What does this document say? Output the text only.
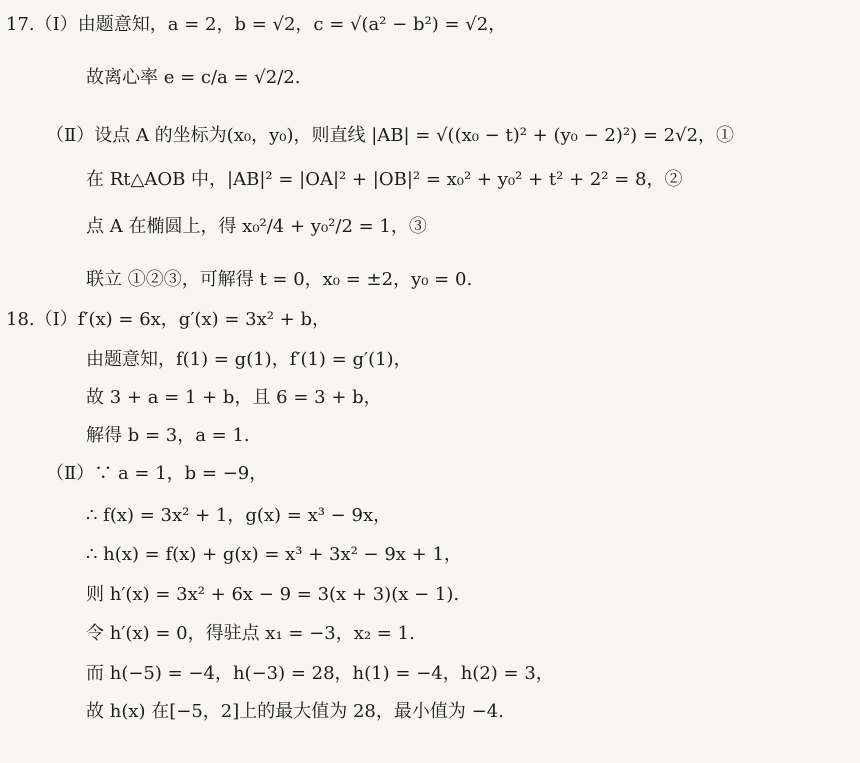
17.（Ⅰ）由题意知，a = 2，b = √2，c = √(a² − b²) = √2，
故离心率 e = c/a = √2/2.
（Ⅱ）设点 A 的坐标为(x₀，y₀)，则直线 |AB| = √((x₀ − t)² + (y₀ − 2)²) = 2√2，①
在 Rt△AOB 中，|AB|² = |OA|² + |OB|² = x₀² + y₀² + t² + 2² = 8，②
点 A 在椭圆上，得 x₀²/4 + y₀²/2 = 1，③
联立 ①②③，可解得 t = 0，x₀ = ±2，y₀ = 0.
18.（Ⅰ）f′(x) = 6x，g′(x) = 3x² + b，
由题意知，f(1) = g(1)，f′(1) = g′(1)，
故 3 + a = 1 + b，且 6 = 3 + b，
解得 b = 3，a = 1.
（Ⅱ）∵ a = 1，b = −9，
∴ f(x) = 3x² + 1，g(x) = x³ − 9x，
∴ h(x) = f(x) + g(x) = x³ + 3x² − 9x + 1，
则 h′(x) = 3x² + 6x − 9 = 3(x + 3)(x − 1).
令 h′(x) = 0，得驻点 x₁ = −3，x₂ = 1.
而 h(−5) = −4，h(−3) = 28，h(1) = −4，h(2) = 3，
故 h(x) 在[−5，2]上的最大值为 28，最小值为 −4.
